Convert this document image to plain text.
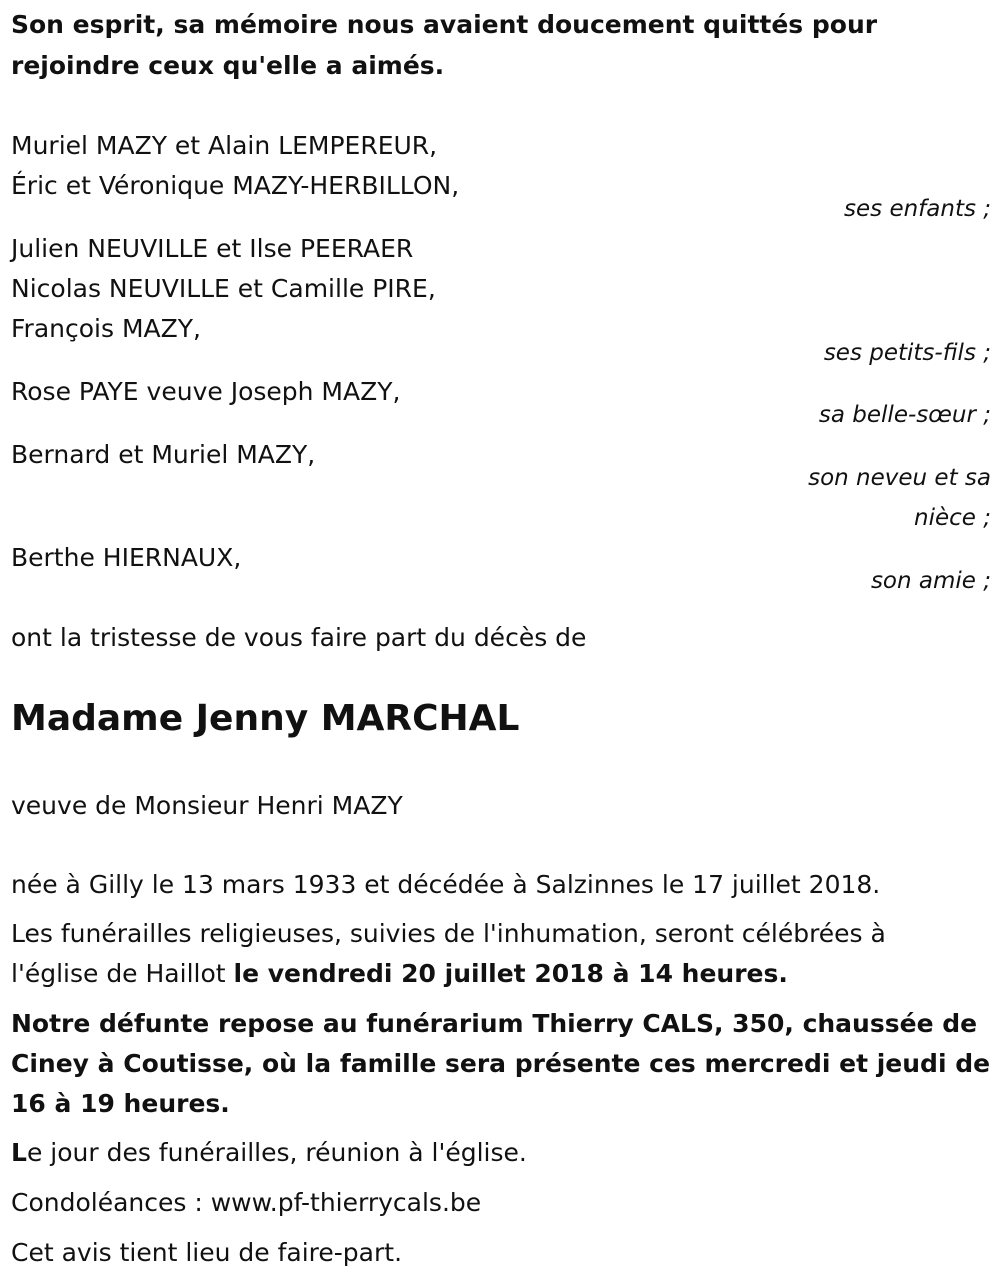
Son esprit, sa mémoire nous avaient doucement quittés pour
rejoindre ceux qu'elle a aimés.
Muriel MAZY et Alain LEMPEREUR,
Éric et Véronique MAZY-HERBILLON,
ses enfants ;
Julien NEUVILLE et Ilse PEERAER
Nicolas NEUVILLE et Camille PIRE,
François MAZY,
ses petits-fils ;
Rose PAYE veuve Joseph MAZY,
sa belle-sœur ;
Bernard et Muriel MAZY,
son neveu et sa
nièce ;
Berthe HIERNAUX,
son amie ;
ont la tristesse de vous faire part du décès de
Madame Jenny MARCHAL
veuve de Monsieur Henri MAZY
née à Gilly le 13 mars 1933 et décédée à Salzinnes le 17 juillet 2018.
Les funérailles religieuses, suivies de l'inhumation, seront célébrées à
l'église de Haillot le vendredi 20 juillet 2018 à 14 heures.
Notre défunte repose au funérarium Thierry CALS, 350, chaussée de
Ciney à Coutisse, où la famille sera présente ces mercredi et jeudi de
16 à 19 heures.
Le jour des funérailles, réunion à l'église.
Condoléances : www.pf-thierrycals.be
Cet avis tient lieu de faire-part.
